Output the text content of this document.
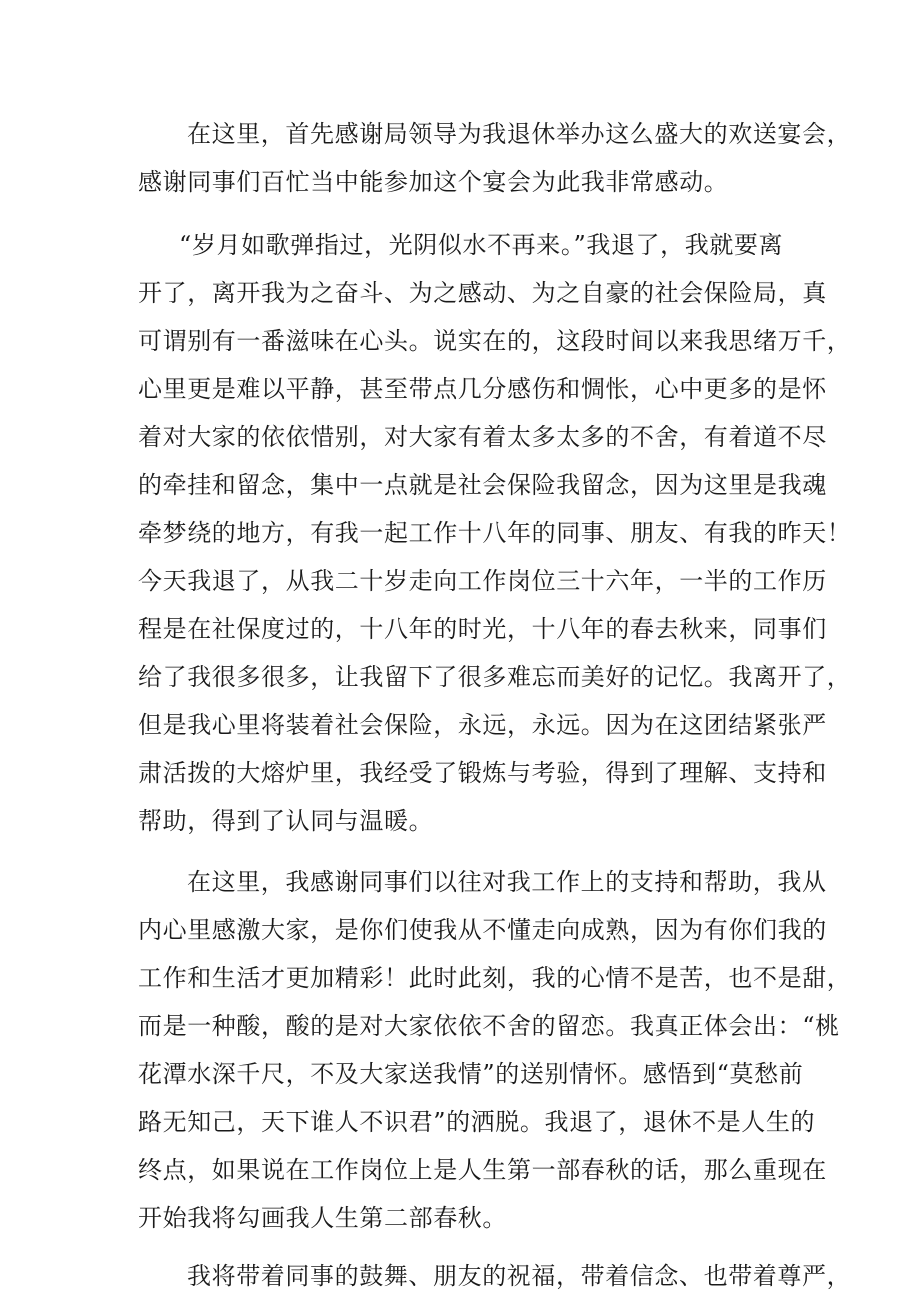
在这里，首先感谢局领导为我退休举办这么盛大的欢送宴会，
感谢同事们百忙当中能参加这个宴会为此我非常感动。
“岁月如歌弹指过，光阴似水不再来。”我退了，我就要离
开了，离开我为之奋斗、为之感动、为之自豪的社会保险局，真
可谓别有一番滋味在心头。说实在的，这段时间以来我思绪万千，
心里更是难以平静，甚至带点几分感伤和惆怅，心中更多的是怀
着对大家的依依惜别，对大家有着太多太多的不舍，有着道不尽
的牵挂和留念，集中一点就是社会保险我留念，因为这里是我魂
牵梦绕的地方，有我一起工作十八年的同事、朋友、有我的昨天！
今天我退了，从我二十岁走向工作岗位三十六年，一半的工作历
程是在社保度过的，十八年的时光，十八年的春去秋来，同事们
给了我很多很多，让我留下了很多难忘而美好的记忆。我离开了，
但是我心里将装着社会保险，永远，永远。因为在这团结紧张严
肃活拨的大熔炉里，我经受了锻炼与考验，得到了理解、支持和
帮助，得到了认同与温暖。
在这里，我感谢同事们以往对我工作上的支持和帮助，我从
内心里感激大家，是你们使我从不懂走向成熟，因为有你们我的
工作和生活才更加精彩！此时此刻，我的心情不是苦，也不是甜，
而是一种酸，酸的是对大家依依不舍的留恋。我真正体会出：“桃
花潭水深千尺，不及大家送我情”的送别情怀。感悟到“莫愁前
路无知己，天下谁人不识君”的洒脱。我退了，退休不是人生的
终点，如果说在工作岗位上是人生第一部春秋的话，那么重现在
开始我将勾画我人生第二部春秋。
我将带着同事的鼓舞、朋友的祝福，带着信念、也带着尊严，
